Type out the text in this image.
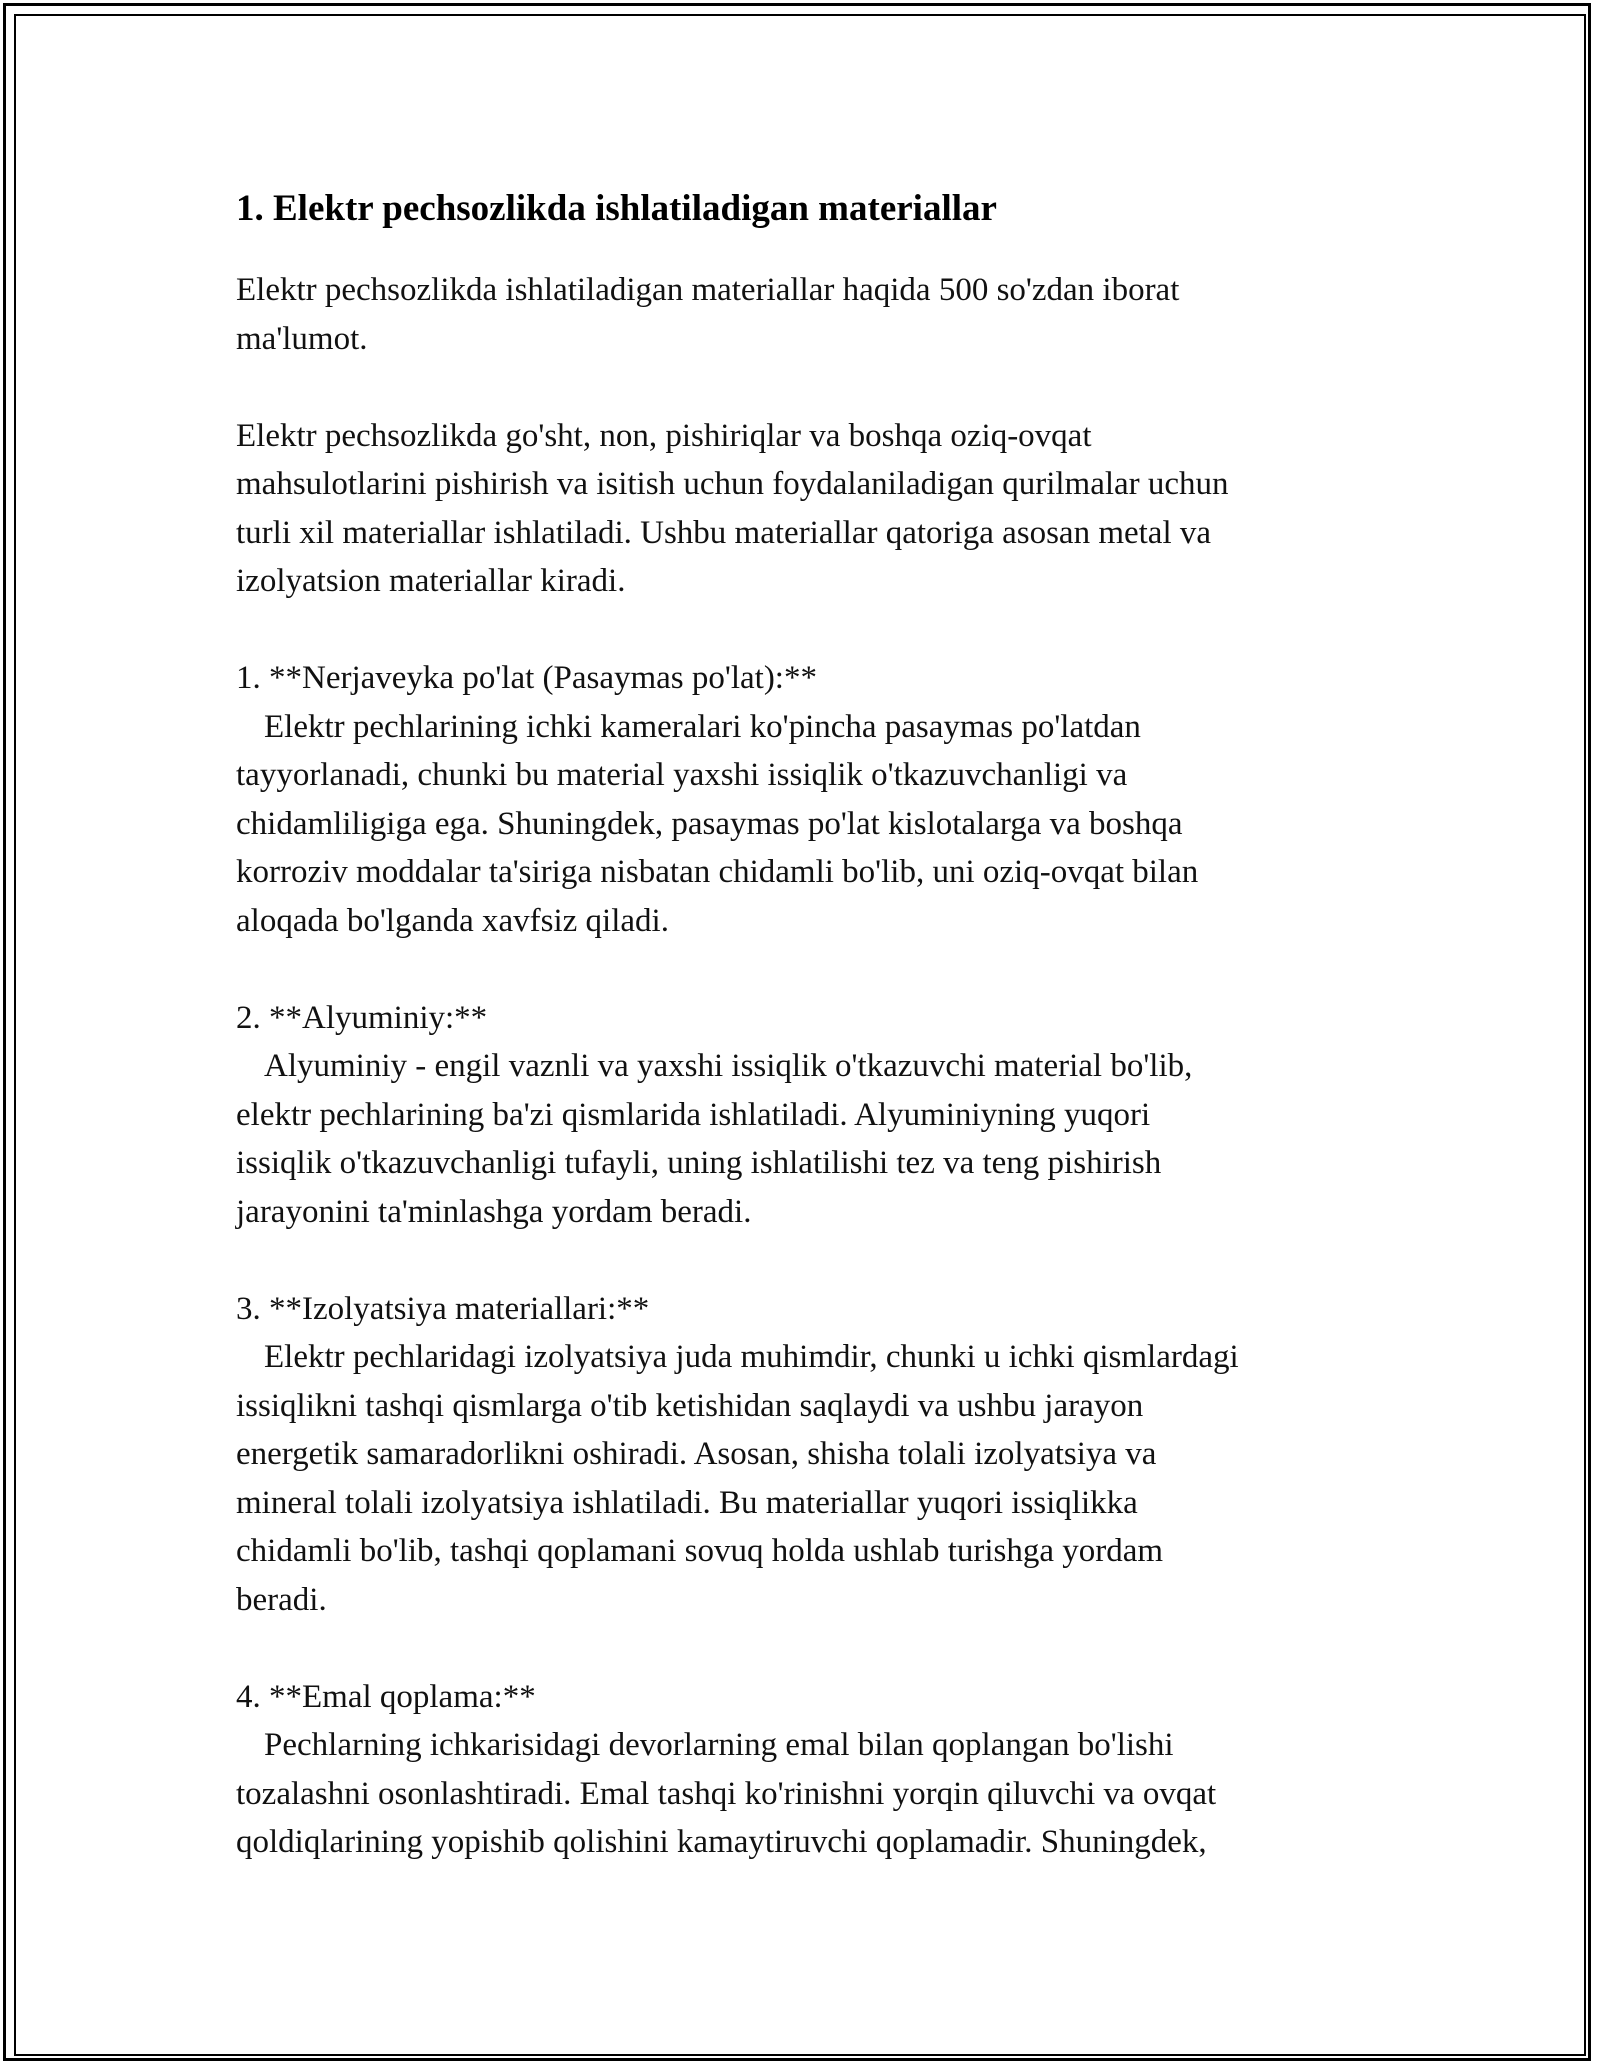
1. Elektr pechsozlikda ishlatiladigan materiallar

Elektr pechsozlikda ishlatiladigan materiallar haqida 500 so'zdan iborat
ma'lumot.

Elektr pechsozlikda go'sht, non, pishiriqlar va boshqa oziq-ovqat
mahsulotlarini pishirish va isitish uchun foydalaniladigan qurilmalar uchun
turli xil materiallar ishlatiladi. Ushbu materiallar qatoriga asosan metal va
izolyatsion materiallar kiradi.

1. **Nerjaveyka po'lat (Pasaymas po'lat):**

Elektr pechlarining ichki kameralari ko'pincha pasaymas po'latdan
tayyorlanadi, chunki bu material yaxshi issiqlik o'tkazuvchanligi va
chidamliligiga ega. Shuningdek, pasaymas po'lat kislotalarga va boshqa
korroziv moddalar ta'siriga nisbatan chidamli bo'lib, uni oziq-ovqat bilan
aloqada bo'lganda xavfsiz qiladi.

2. **Alyuminiy:**

Alyuminiy - engil vaznli va yaxshi issiqlik o'tkazuvchi material bo'lib,
elektr pechlarining ba'zi qismlarida ishlatiladi. Alyuminiyning yuqori
issiqlik o'tkazuvchanligi tufayli, uning ishlatilishi tez va teng pishirish
jarayonini ta'minlashga yordam beradi.

3. **Izolyatsiya materiallari:**

Elektr pechlaridagi izolyatsiya juda muhimdir, chunki u ichki qismlardagi
issiqlikni tashqi qismlarga o'tib ketishidan saqlaydi va ushbu jarayon
energetik samaradorlikni oshiradi. Asosan, shisha tolali izolyatsiya va
mineral tolali izolyatsiya ishlatiladi. Bu materiallar yuqori issiqlikka
chidamli bo'lib, tashqi qoplamani sovuq holda ushlab turishga yordam
beradi.

4. **Emal qoplama:**

Pechlarning ichkarisidagi devorlarning emal bilan qoplangan bo'lishi
tozalashni osonlashtiradi. Emal tashqi ko'rinishni yorqin qiluvchi va ovqat
qoldiqlarining yopishib qolishini kamaytiruvchi qoplamadir. Shuningdek,
